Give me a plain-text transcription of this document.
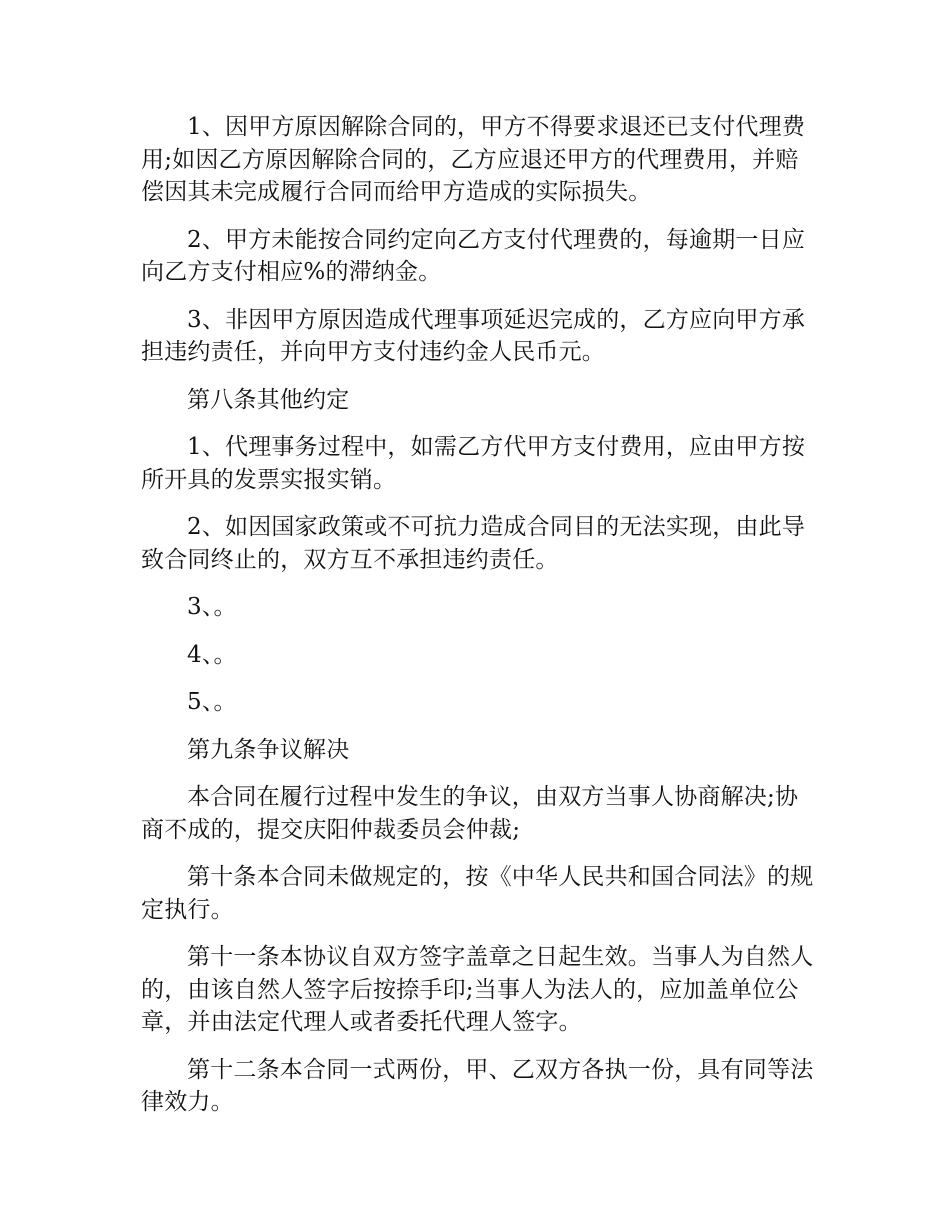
1、因甲方原因解除合同的，甲方不得要求退还已支付代理费用;如因乙方原因解除合同的，乙方应退还甲方的代理费用，并赔偿因其未完成履行合同而给甲方造成的实际损失。

2、甲方未能按合同约定向乙方支付代理费的，每逾期一日应向乙方支付相应%的滞纳金。

3、非因甲方原因造成代理事项延迟完成的，乙方应向甲方承担违约责任，并向甲方支付违约金人民币元。

第八条其他约定

1、代理事务过程中，如需乙方代甲方支付费用，应由甲方按所开具的发票实报实销。

2、如因国家政策或不可抗力造成合同目的无法实现，由此导致合同终止的，双方互不承担违约责任。

3、。

4、。

5、。

第九条争议解决

本合同在履行过程中发生的争议，由双方当事人协商解决;协商不成的，提交庆阳仲裁委员会仲裁;

第十条本合同未做规定的，按《中华人民共和国合同法》的规定执行。

第十一条本协议自双方签字盖章之日起生效。当事人为自然人的，由该自然人签字后按捺手印;当事人为法人的，应加盖单位公章，并由法定代理人或者委托代理人签字。

第十二条本合同一式两份，甲、乙双方各执一份，具有同等法律效力。
